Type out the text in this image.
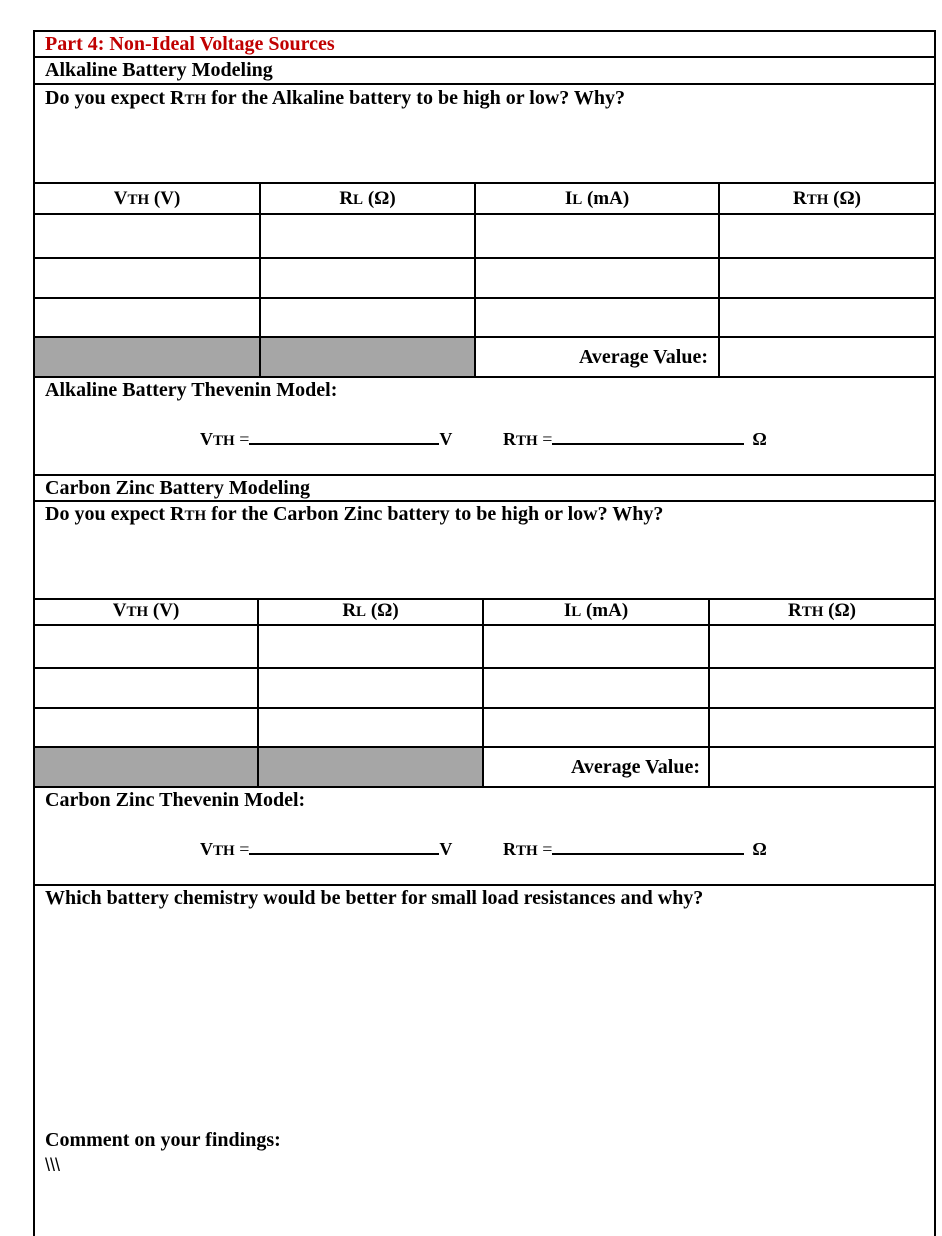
Part 4: Non-Ideal Voltage Sources
Alkaline Battery Modeling
Do you expect RTH for the Alkaline battery to be high or low? Why?
VTH (V)	RL (Ω)	IL (mA)	RTH (Ω)
Average Value:
Alkaline Battery Thevenin Model:
VTH =	V	RTH =	Ω
Carbon Zinc Battery Modeling
Do you expect RTH for the Carbon Zinc battery to be high or low? Why?
VTH (V)	RL (Ω)	IL (mA)	RTH (Ω)
Average Value:
Carbon Zinc Thevenin Model:
VTH =	V	RTH =	Ω
Which battery chemistry would be better for small load resistances and why?
Comment on your findings:
\\\
